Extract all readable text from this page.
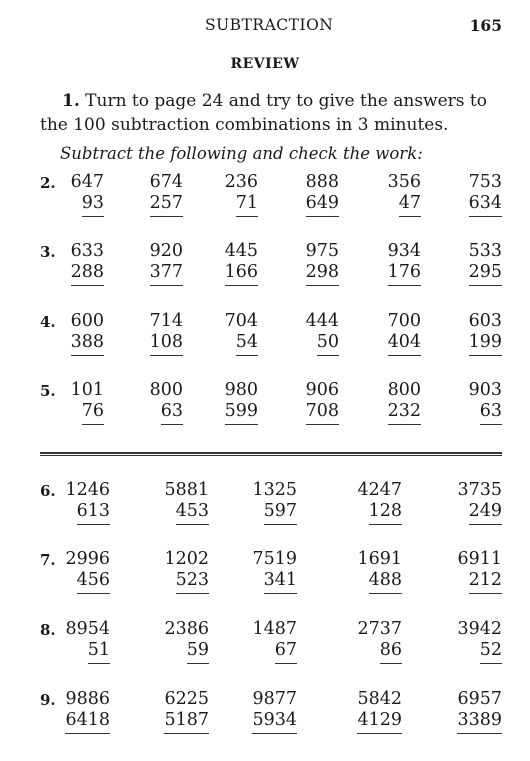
SUBTRACTION	165
REVIEW

1. Turn to page 24 and try to give the answers to the 100 subtraction combinations in 3 minutes.

Subtract the following and check the work:
2. 647
93
674
257
236
71
888
649
356
47
753
634
3. 633
288
920
377
445
166
975
298
934
176
533
295
4. 600
388
714
108
704
54
444
50
700
404
603
199
5. 101
76
800
63
980
599
906
708
800
232
903
63
6. 1246
613
5881
453
1325
597
4247
128
3735
249
7. 2996
456
1202
523
7519
341
1691
488
6911
212
8. 8954
51
2386
59
1487
67
2737
86
3942
52
9. 9886
6418
6225
5187
9877
5934
5842
4129
6957
3389
